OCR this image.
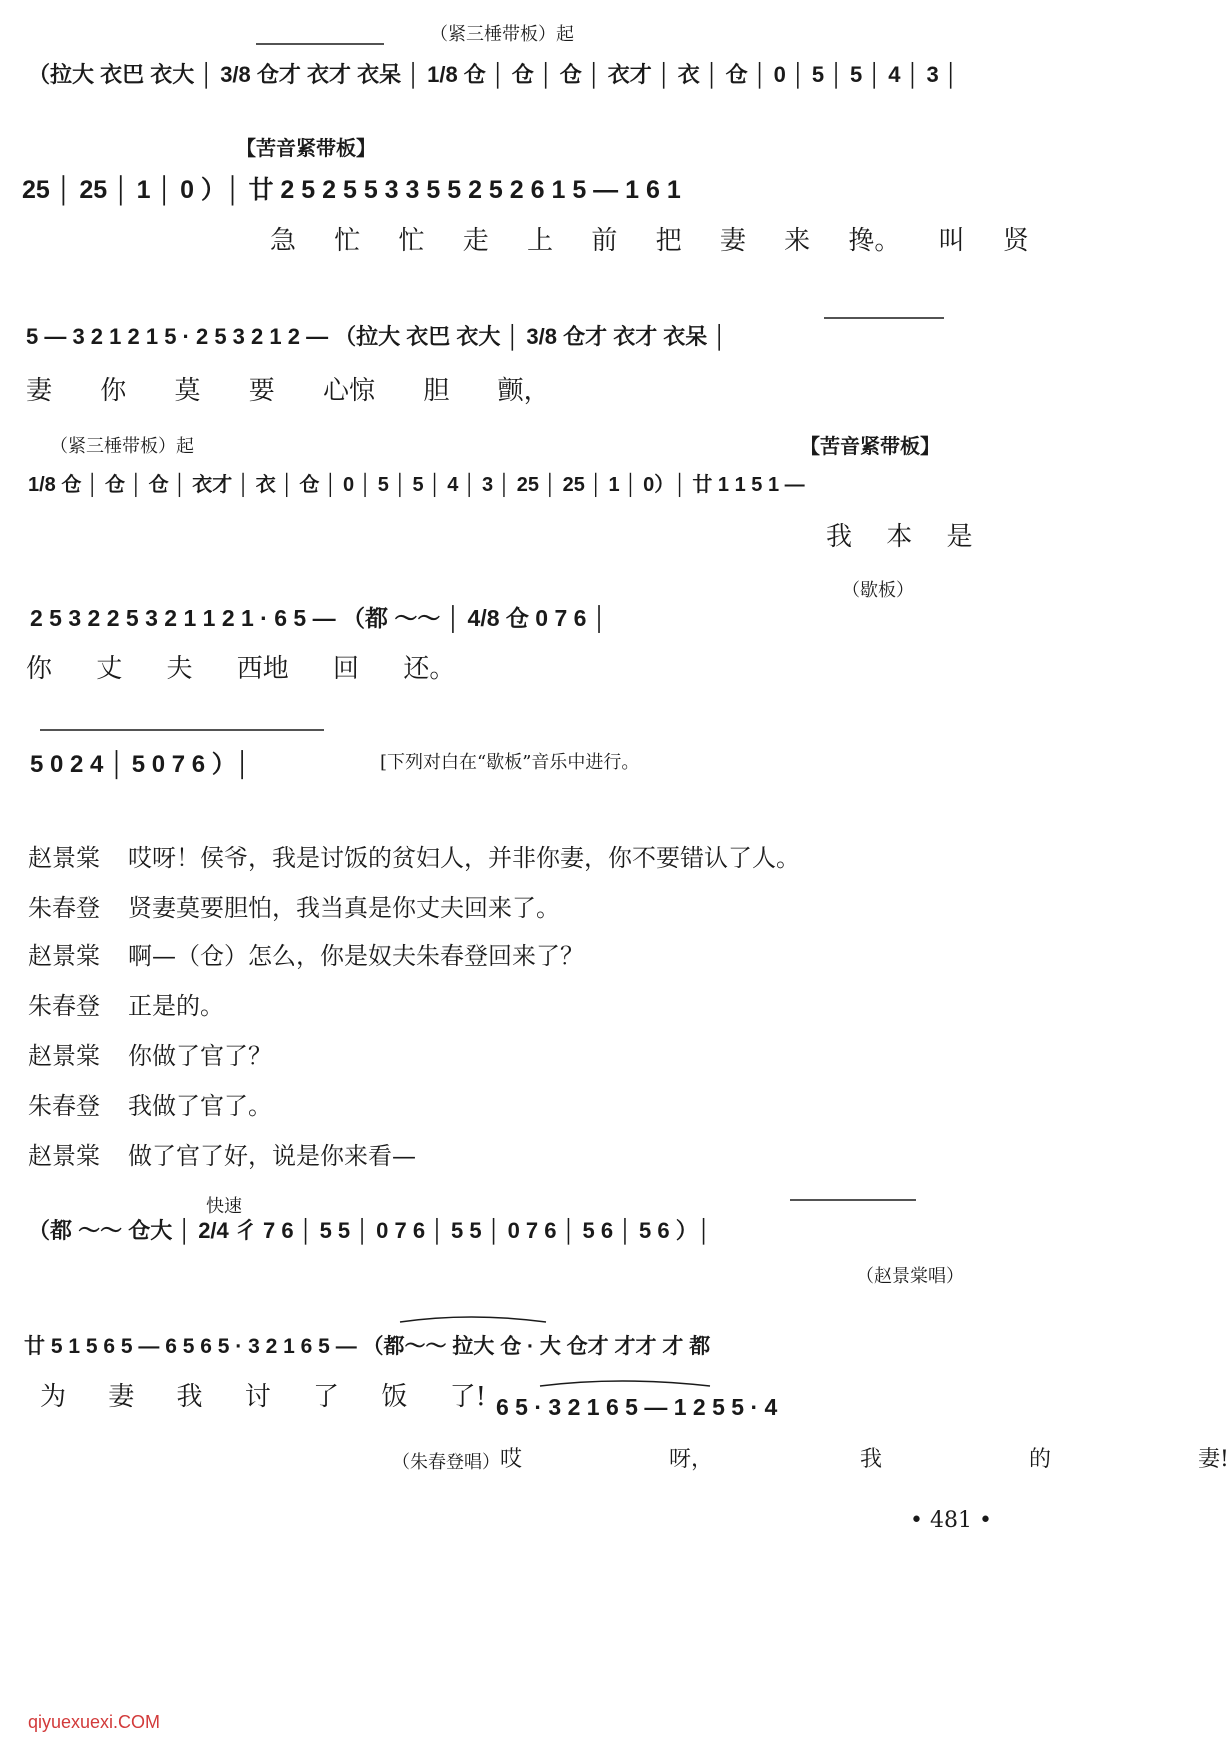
（紧三棰带板）起
【苦音紧带板】
（紧三棰带板）起	【苦音紧带板】
（歇板）
（拉大 衣巴 衣大 │ 3/8 仓才 衣才 衣呆 │ 1/8 仓 │ 仓 │ 仓 │ 衣才 │ 衣 │ 仓 │ 0 │ 5 │ 5 │ 4 │ 3 │
25 │ 25 │ 1 │ 0 ）│ 廿 2 5 2 5 5 3 3 5 5 2 5 2 6 1 5 — 1 6 1
急 忙 忙 走 上 前 把 妻 来 搀。 叫 贤
5 — 3 2 1 2 1 5 · 2 5 3 2 1 2 — （拉大 衣巴 衣大 │ 3/8 仓才 衣才 衣呆 │
妻 你 莫 要 心惊 胆 颤，
1/8 仓 │ 仓 │ 仓 │ 衣才 │ 衣 │ 仓 │ 0 │ 5 │ 5 │ 4 │ 3 │ 25 │ 25 │ 1 │ 0）│ 廿 1 1 5 1 —
我 本 是
2 5 3 2 2 5 3 2 1 1 2 1 · 6 5 — （都 ～～ │ 4/8 仓 0 7 6 │
你 丈 夫 西地 回 还。
5 0 2 4 │ 5 0 7 6 ）│	[下列对白在“歇板”音乐中进行。
赵景棠 哎呀！侯爷，我是讨饭的贫妇人，并非你妻，你不要错认了人。
朱春登 贤妻莫要胆怕，我当真是你丈夫回来了。
赵景棠 啊—（仓）怎么，你是奴夫朱春登回来了？
朱春登 正是的。
赵景棠 你做了官了？
朱春登 我做了官了。
赵景棠 做了官了好，说是你来看—
快速
（都 ～～ 仓大 │ 2/4 彳 7 6 │ 5 5 │ 0 7 6 │ 5 5 │ 0 7 6 │ 5 6 │ 5 6 ）│
（赵景棠唱）
廿 5 1 5 6 5 — 6 5 6 5 · 3 2 1 6 5 — （都～～ 拉大 仓 · 大 仓才 才才 才 都
为 妻 我 讨 了 饭 了! 6 5 · 3 2 1 6 5 — 1 2 5 5 · 4
（朱春登唱） 哎 呀， 我 的 妻!
• 481 •
qiyuexuexi.COM
